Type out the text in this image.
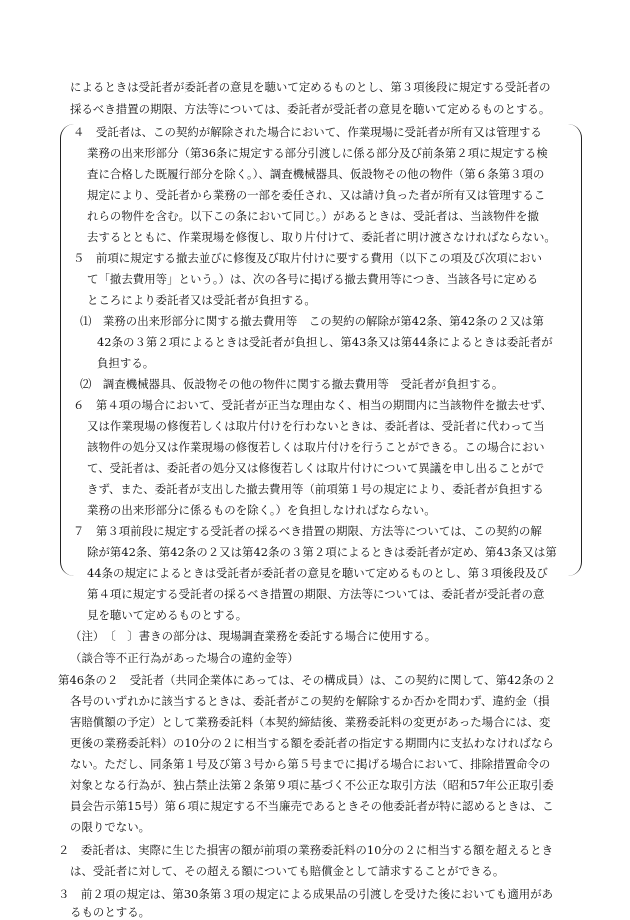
によるときは受託者が委託者の意見を聴いて定めるものとし、第３項後段に規定する受託者の
採るべき措置の期限、方法等については、委託者が受託者の意見を聴いて定めるものとする。
４　受託者は、この契約が解除された場合において、作業現場に受託者が所有又は管理する
業務の出来形部分（第36条に規定する部分引渡しに係る部分及び前条第２項に規定する検
査に合格した既履行部分を除く。）、調査機械器具、仮設物その他の物件（第６条第３項の
規定により、受託者から業務の一部を委任され、又は請け負った者が所有又は管理するこ
れらの物件を含む。以下この条において同じ。）があるときは、受託者は、当該物件を撤
去するとともに、作業現場を修復し、取り片付けて、委託者に明け渡さなければならない。
５　前項に規定する撤去並びに修復及び取片付けに要する費用（以下この項及び次項におい
て「撤去費用等」という。）は、次の各号に掲げる撤去費用等につき、当該各号に定める
ところにより委託者又は受託者が負担する。
⑴　業務の出来形部分に関する撤去費用等　この契約の解除が第42条、第42条の２又は第
42条の３第２項によるときは受託者が負担し、第43条又は第44条によるときは委託者が
負担する。
⑵　調査機械器具、仮設物その他の物件に関する撤去費用等　受託者が負担する。
６　第４項の場合において、受託者が正当な理由なく、相当の期間内に当該物件を撤去せず、
又は作業現場の修復若しくは取片付けを行わないときは、委託者は、受託者に代わって当
該物件の処分又は作業現場の修復若しくは取片付けを行うことができる。この場合におい
て、受託者は、委託者の処分又は修復若しくは取片付けについて異議を申し出ることがで
きず、また、委託者が支出した撤去費用等（前項第１号の規定により、委託者が負担する
業務の出来形部分に係るものを除く。）を負担しなければならない。
７　第３項前段に規定する受託者の採るべき措置の期限、方法等については、この契約の解
除が第42条、第42条の２又は第42条の３第２項によるときは委託者が定め、第43条又は第
44条の規定によるときは受託者が委託者の意見を聴いて定めるものとし、第３項後段及び
第４項に規定する受託者の採るべき措置の期限、方法等については、委託者が受託者の意
見を聴いて定めるものとする。
（注）　〔　〕書きの部分は、現場調査業務を委託する場合に使用する。
（談合等不正行為があった場合の違約金等）
第46条の２　受託者（共同企業体にあっては、その構成員）は、この契約に関して、第42条の２
各号のいずれかに該当するときは、委託者がこの契約を解除するか否かを問わず、違約金（損
害賠償額の予定）として業務委託料（本契約締結後、業務委託料の変更があった場合には、変
更後の業務委託料）の10分の２に相当する額を委託者の指定する期間内に支払わなければなら
ない。ただし、同条第１号及び第３号から第５号までに掲げる場合において、排除措置命令の
対象となる行為が、独占禁止法第２条第９項に基づく不公正な取引方法（昭和57年公正取引委
員会告示第15号）第６項に規定する不当廉売であるときその他委託者が特に認めるときは、こ
の限りでない。
２　委託者は、実際に生じた損害の額が前項の業務委託料の10分の２に相当する額を超えるとき
は、受託者に対して、その超える額についても賠償金として請求することができる。
３　前２項の規定は、第30条第３項の規定による成果品の引渡しを受けた後においても適用があ
るものとする。
